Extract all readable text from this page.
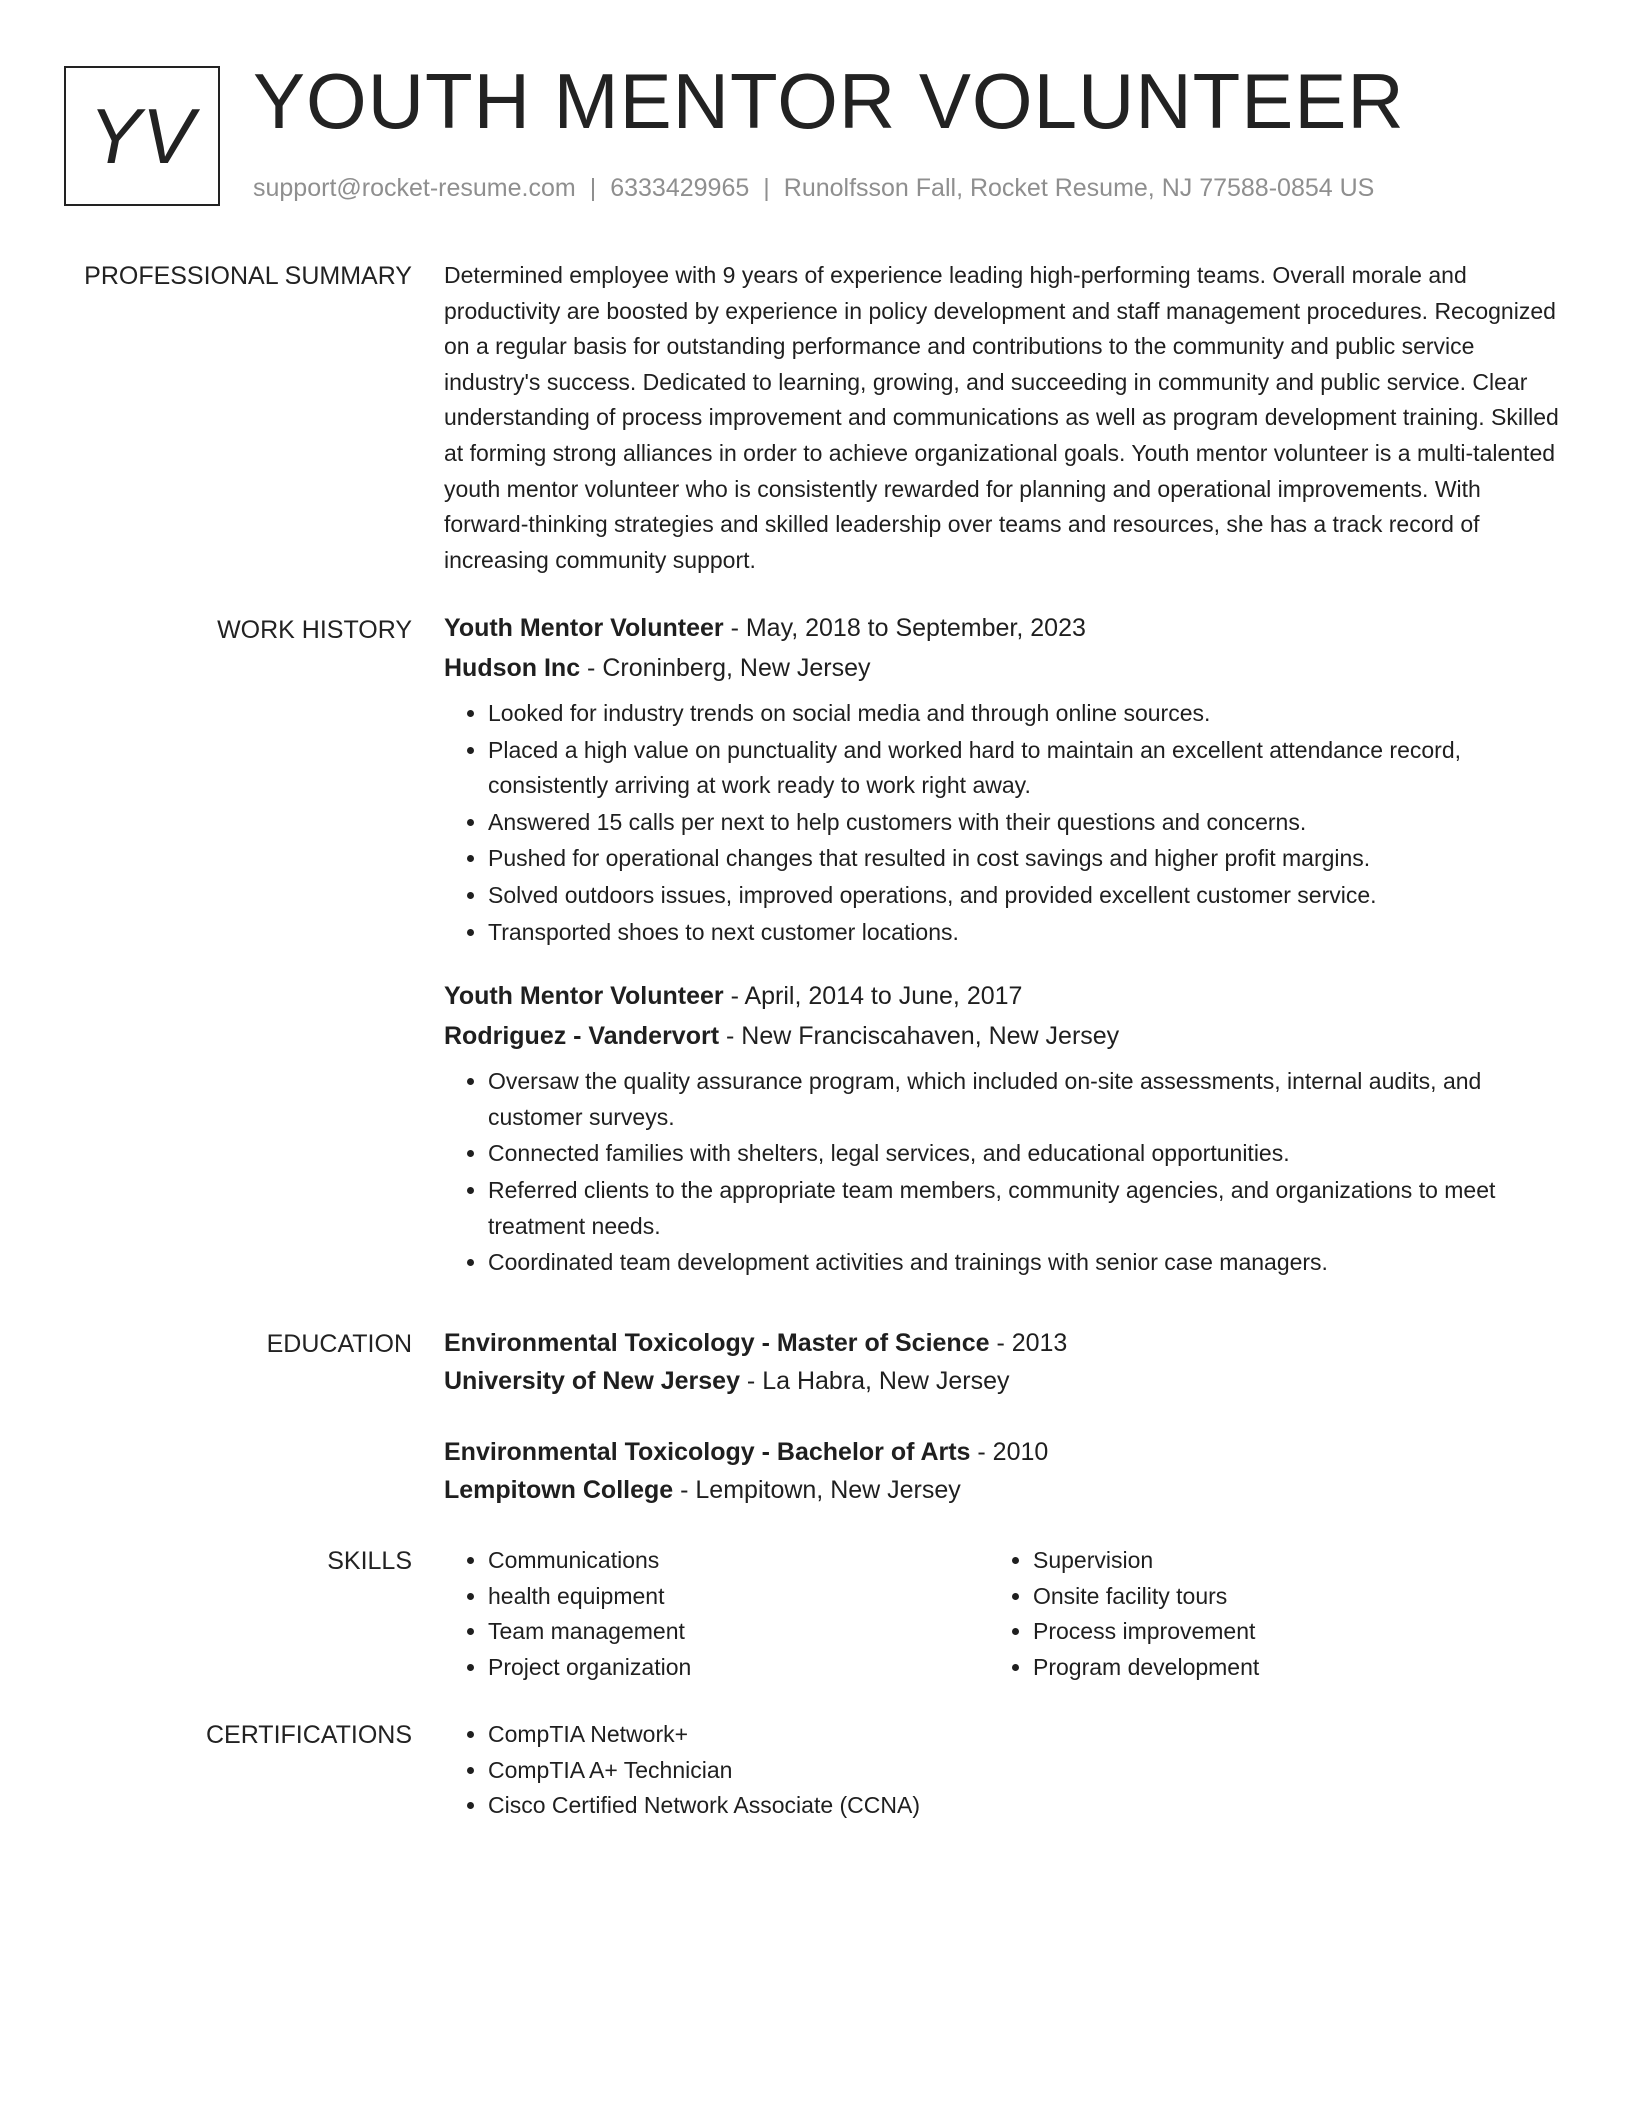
YV YOUTH MENTOR VOLUNTEER
support@rocket-resume.com | 6333429965 | Runolfsson Fall, Rocket Resume, NJ 77588-0854 US
PROFESSIONAL SUMMARY Determined employee with 9 years of experience leading high-performing teams. Overall morale and productivity are boosted by experience in policy development and staff management procedures. Recognized on a regular basis for outstanding performance and contributions to the community and public service industry's success. Dedicated to learning, growing, and succeeding in community and public service. Clear understanding of process improvement and communications as well as program development training. Skilled at forming strong alliances in order to achieve organizational goals. Youth mentor volunteer is a multi-talented youth mentor volunteer who is consistently rewarded for planning and operational improvements. With forward-thinking strategies and skilled leadership over teams and resources, she has a track record of increasing community support.

WORK HISTORY Youth Mentor Volunteer - May, 2018 to September, 2023
Hudson Inc - Croninberg, New Jersey
• Looked for industry trends on social media and through online sources.
• Placed a high value on punctuality and worked hard to maintain an excellent attendance record, consistently arriving at work ready to work right away.
• Answered 15 calls per next to help customers with their questions and concerns.
• Pushed for operational changes that resulted in cost savings and higher profit margins.
• Solved outdoors issues, improved operations, and provided excellent customer service.
• Transported shoes to next customer locations.
Youth Mentor Volunteer - April, 2014 to June, 2017
Rodriguez - Vandervort - New Franciscahaven, New Jersey
• Oversaw the quality assurance program, which included on-site assessments, internal audits, and customer surveys.
• Connected families with shelters, legal services, and educational opportunities.
• Referred clients to the appropriate team members, community agencies, and organizations to meet treatment needs.
• Coordinated team development activities and trainings with senior case managers.
EDUCATION Environmental Toxicology - Master of Science - 2013
University of New Jersey - La Habra, New Jersey
Environmental Toxicology - Bachelor of Arts - 2010
Lempitown College - Lempitown, New Jersey
SKILLS	• Communications
• health equipment
• Team management
• Project organization
• Supervision
• Onsite facility tours
• Process improvement
• Program development
CERTIFICATIONS	• CompTIA Network+
• CompTIA A+ Technician
• Cisco Certified Network Associate (CCNA)
